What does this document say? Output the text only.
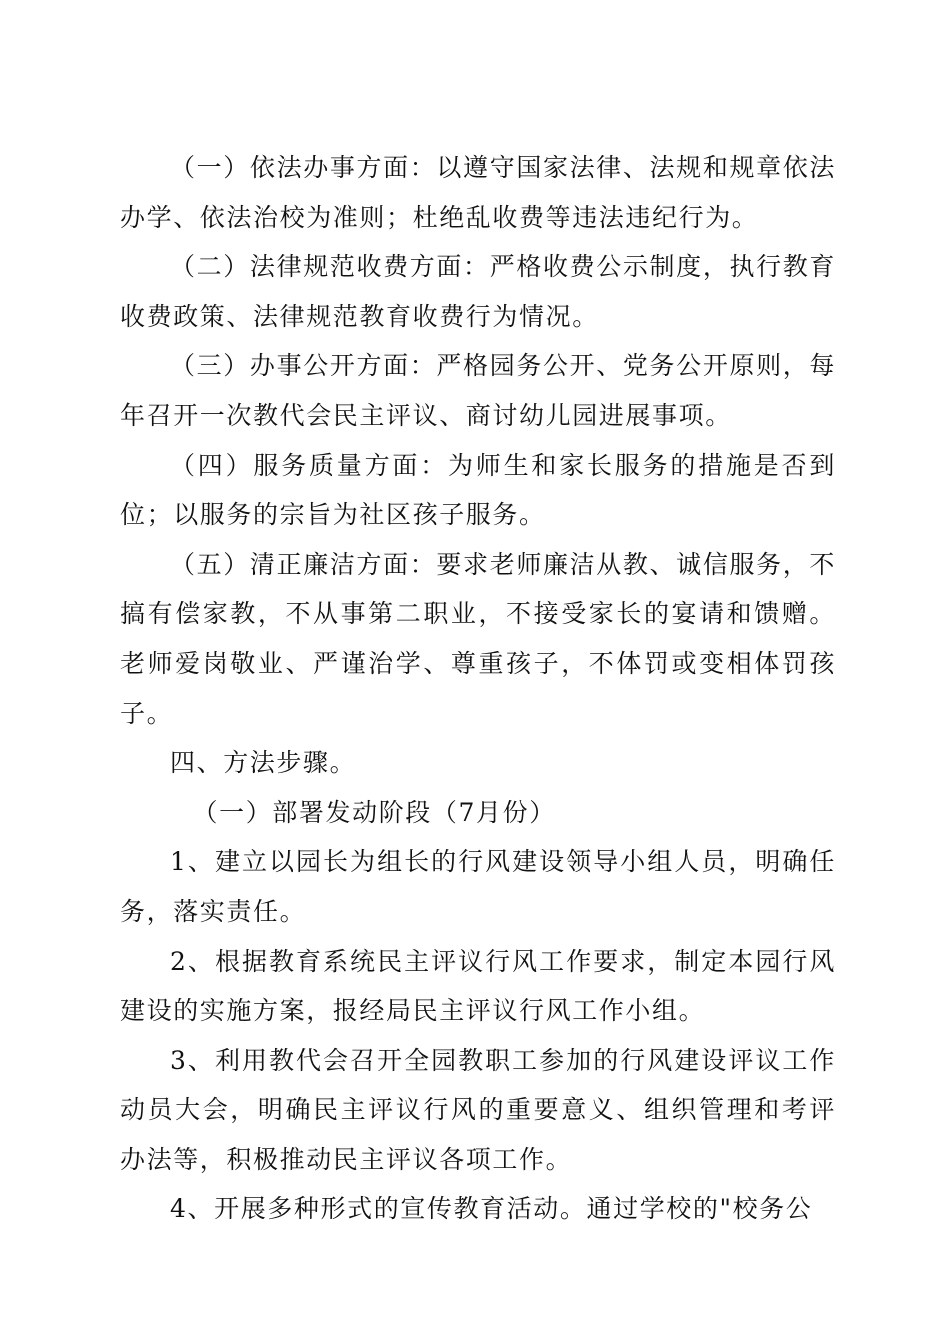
（一）依法办事方面：以遵守国家法律、法规和规章依法办学、依法治校为准则；杜绝乱收费等违法违纪行为。

（二）法律规范收费方面：严格收费公示制度，执行教育收费政策、法律规范教育收费行为情况。

（三）办事公开方面：严格园务公开、党务公开原则，每年召开一次教代会民主评议、商讨幼儿园进展事项。

（四）服务质量方面：为师生和家长服务的措施是否到位；以服务的宗旨为社区孩子服务。

（五）清正廉洁方面：要求老师廉洁从教、诚信服务，不搞有偿家教，不从事第二职业，不接受家长的宴请和馈赠。老师爱岗敬业、严谨治学、尊重孩子，不体罚或变相体罚孩子。

四、方法步骤。

（一）部署发动阶段（7月份）

1、建立以园长为组长的行风建设领导小组人员，明确任务，落实责任。

2、根据教育系统民主评议行风工作要求，制定本园行风建设的实施方案，报经局民主评议行风工作小组。

3、利用教代会召开全园教职工参加的行风建设评议工作动员大会，明确民主评议行风的重要意义、组织管理和考评办法等，积极推动民主评议各项工作。

4、开展多种形式的宣传教育活动。通过学校的"校务公
